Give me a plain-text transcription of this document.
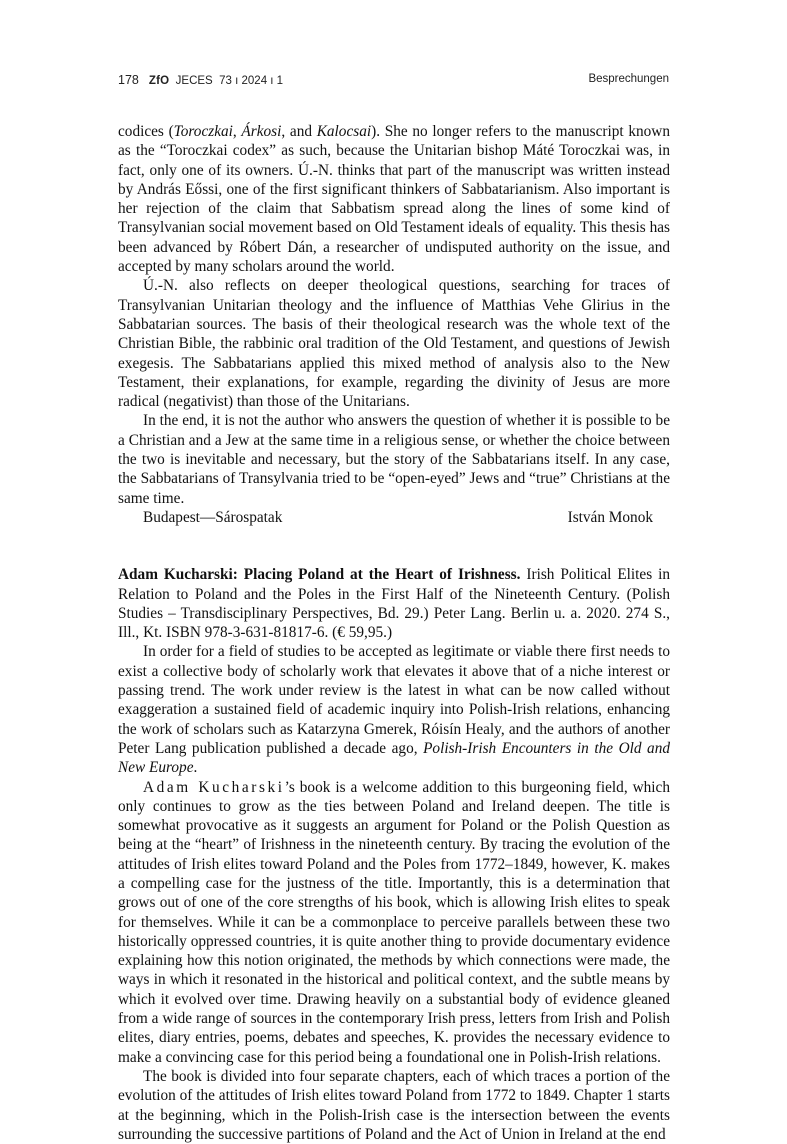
178 ZfO JECES 73 ı 2024 ı 1	Besprechungen

codices (Toroczkai, Árkosi, and Kalocsai). She no longer refers to the manuscript known as the “Toroczkai codex” as such, because the Unitarian bishop Máté Toroczkai was, in fact, only one of its owners. Ú.-N. thinks that part of the manuscript was written instead by András Eőssi, one of the first significant thinkers of Sabbatarianism. Also important is her rejection of the claim that Sabbatism spread along the lines of some kind of Transylvanian social movement based on Old Testament ideals of equality. This thesis has been advanced by Róbert Dán, a researcher of undisputed authority on the issue, and accepted by many scholars around the world.

Ú.-N. also reflects on deeper theological questions, searching for traces of Transylvanian Unitarian theology and the influence of Matthias Vehe Glirius in the Sabbatarian sources. The basis of their theological research was the whole text of the Christian Bible, the rabbinic oral tradition of the Old Testament, and questions of Jewish exegesis. The Sabbatarians applied this mixed method of analysis also to the New Testament, their explanations, for example, regarding the divinity of Jesus are more radical (negativist) than those of the Unitarians.

In the end, it is not the author who answers the question of whether it is possible to be a Christian and a Jew at the same time in a religious sense, or whether the choice between the two is inevitable and necessary, but the story of the Sabbatarians itself. In any case, the Sabbatarians of Transylvania tried to be “open-eyed” Jews and “true” Christians at the same time.

Budapest—Sárospatak	István Monok

Adam Kucharski: Placing Poland at the Heart of Irishness. Irish Political Elites in Relation to Poland and the Poles in the First Half of the Nineteenth Century. (Polish Studies – Transdisciplinary Perspectives, Bd. 29.) Peter Lang. Berlin u. a. 2020. 274 S., Ill., Kt. ISBN 978-3-631-81817-6. (€ 59,95.)

In order for a field of studies to be accepted as legitimate or viable there first needs to exist a collective body of scholarly work that elevates it above that of a niche interest or passing trend. The work under review is the latest in what can be now called without exaggeration a sustained field of academic inquiry into Polish-Irish relations, enhancing the work of scholars such as Katarzyna Gmerek, Róisín Healy, and the authors of another Peter Lang publication published a decade ago, Polish-Irish Encounters in the Old and New Europe.

Adam Kucharski’s book is a welcome addition to this burgeoning field, which only continues to grow as the ties between Poland and Ireland deepen. The title is somewhat provocative as it suggests an argument for Poland or the Polish Question as being at the “heart” of Irishness in the nineteenth century. By tracing the evolution of the attitudes of Irish elites toward Poland and the Poles from 1772–1849, however, K. makes a compelling case for the justness of the title. Importantly, this is a determination that grows out of one of the core strengths of his book, which is allowing Irish elites to speak for themselves. While it can be a commonplace to perceive parallels between these two historically oppressed countries, it is quite another thing to provide documentary evidence explaining how this notion originated, the methods by which connections were made, the ways in which it resonated in the historical and political context, and the subtle means by which it evolved over time. Drawing heavily on a substantial body of evidence gleaned from a wide range of sources in the contemporary Irish press, letters from Irish and Polish elites, diary entries, poems, debates and speeches, K. provides the necessary evidence to make a convincing case for this period being a foundational one in Polish-Irish relations.

The book is divided into four separate chapters, each of which traces a portion of the evolution of the attitudes of Irish elites toward Poland from 1772 to 1849. Chapter 1 starts at the beginning, which in the Polish-Irish case is the intersection between the events surrounding the successive partitions of Poland and the Act of Union in Ireland at the end
